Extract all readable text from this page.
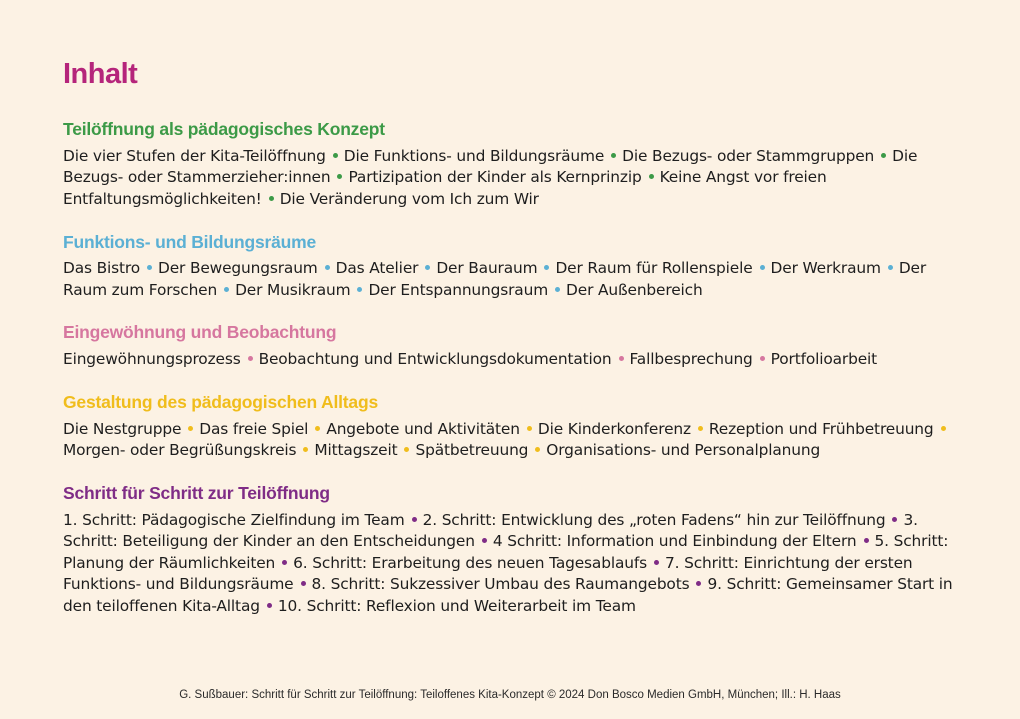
Inhalt
Teilöffnung als pädagogisches Konzept

Die vier Stufen der Kita-Teilöffnung Die Funktions- und Bildungsräume Die Bezugs- oder Stammgruppen Die Bezugs- oder Stammerzieher:innen Partizipation der Kinder als Kernprinzip Keine Angst vor freien Entfaltungsmöglichkeiten! Die Veränderung vom Ich zum Wir

Funktions- und Bildungsräume

Das Bistro Der Bewegungsraum Das Atelier Der Bauraum Der Raum für Rollenspiele Der Werkraum Der Raum zum Forschen Der Musikraum Der Entspannungsraum Der Außenbereich

Eingewöhnung und Beobachtung

Eingewöhnungsprozess Beobachtung und Entwicklungsdokumentation Fallbesprechung Portfolioarbeit

Gestaltung des pädagogischen Alltags

Die Nestgruppe Das freie Spiel Angebote und Aktivitäten Die Kinderkonferenz Rezeption und FrühbetreuungMorgen- oder Begrüßungskreis Mittagszeit Spätbetreuung Organisations- und Personalplanung

Schritt für Schritt zur Teilöffnung

1. Schritt: Pädagogische Zielfindung im Team 2. Schritt: Entwicklung des „roten Fadens“ hin zur Teilöffnung 3. Schritt: Beteiligung der Kinder an den Entscheidungen 4 Schritt: Information und Einbindung der Eltern 5. Schritt: Planung der Räumlichkeiten 6. Schritt: Erarbeitung des neuen Tagesablaufs 7. Schritt: Einrichtung der ersten Funktions- und Bildungsräume 8. Schritt: Sukzessiver Umbau des Raumangebots 9. Schritt: Gemeinsamer Start in den teiloffenen Kita-Alltag 10. Schritt: Reflexion und Weiterarbeit im Team

G. Sußbauer: Schritt für Schritt zur Teilöffnung: Teiloffenes Kita-Konzept © 2024 Don Bosco Medien GmbH, München; Ill.: H. Haas
